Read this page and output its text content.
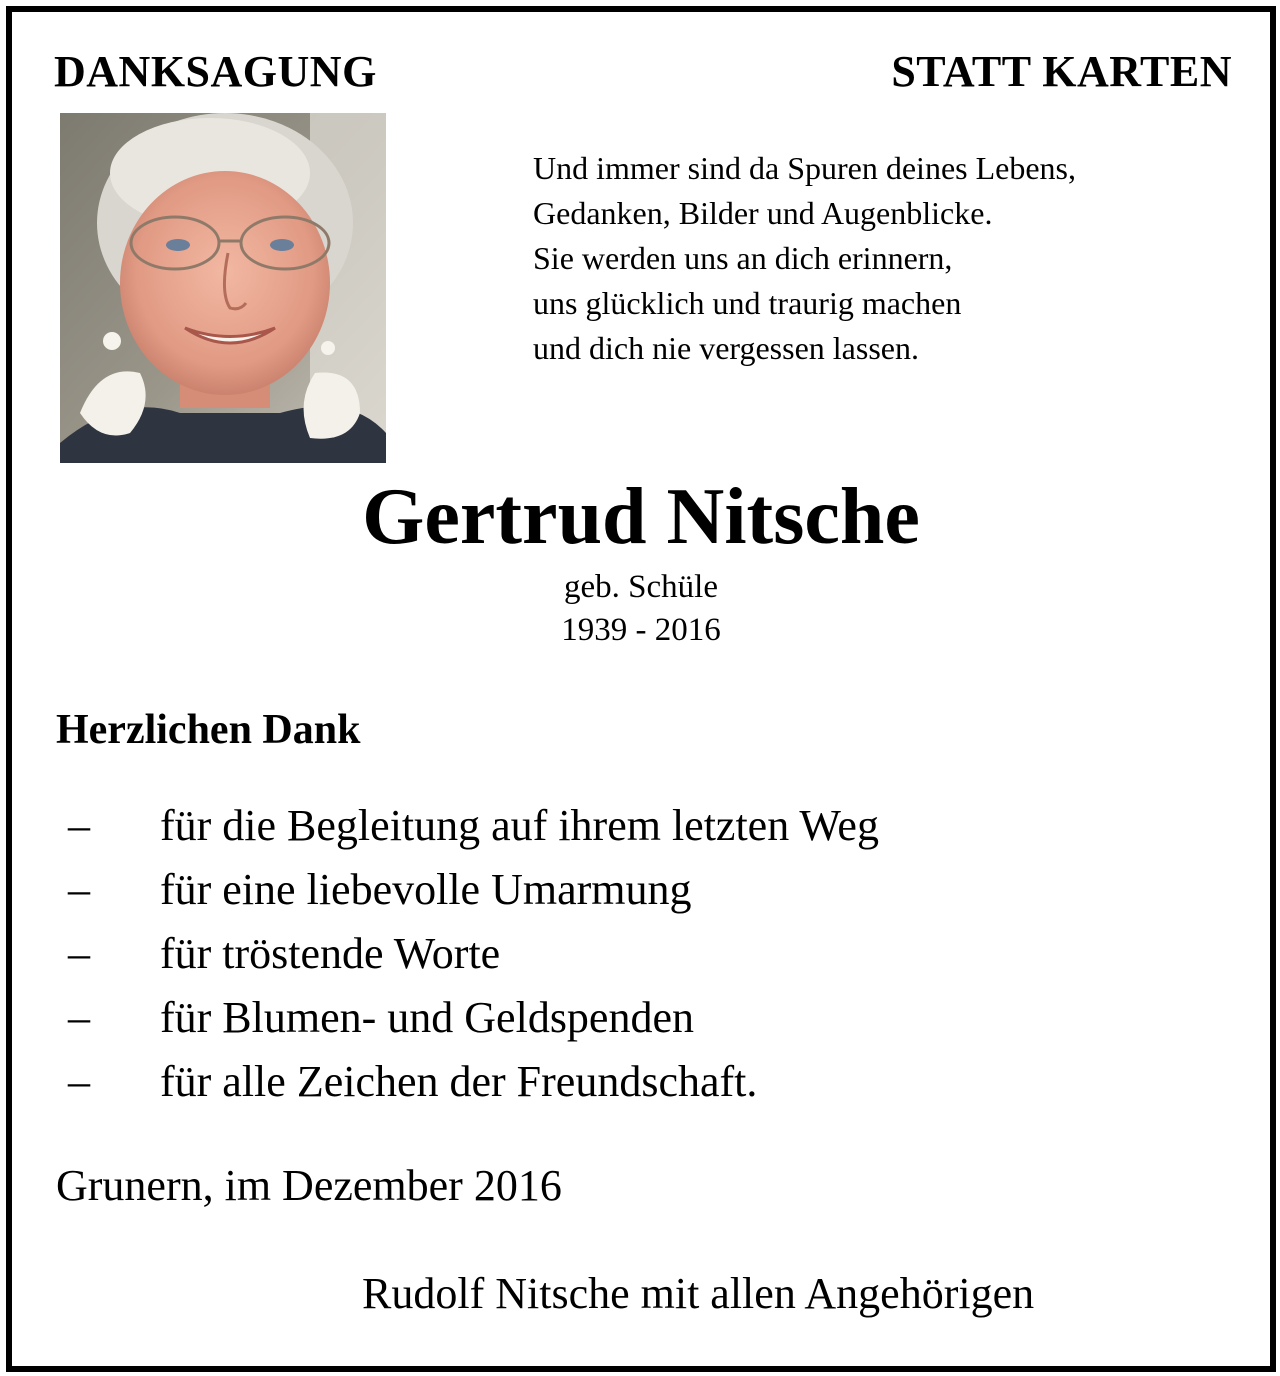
DANKSAGUNG	STATT KARTEN
Und immer sind da Spuren deines Lebens,
Gedanken, Bilder und Augenblicke.
Sie werden uns an dich erinnern,
uns glücklich und traurig machen
und dich nie vergessen lassen.
Gertrud Nitsche
geb. Schüle
1939 - 2016
Herzlichen Dank
–	für die Begleitung auf ihrem letzten Weg
–	für eine liebevolle Umarmung
–	für tröstende Worte
–	für Blumen- und Geldspenden
–	für alle Zeichen der Freundschaft.
Grunern, im Dezember 2016
Rudolf Nitsche mit allen Angehörigen
